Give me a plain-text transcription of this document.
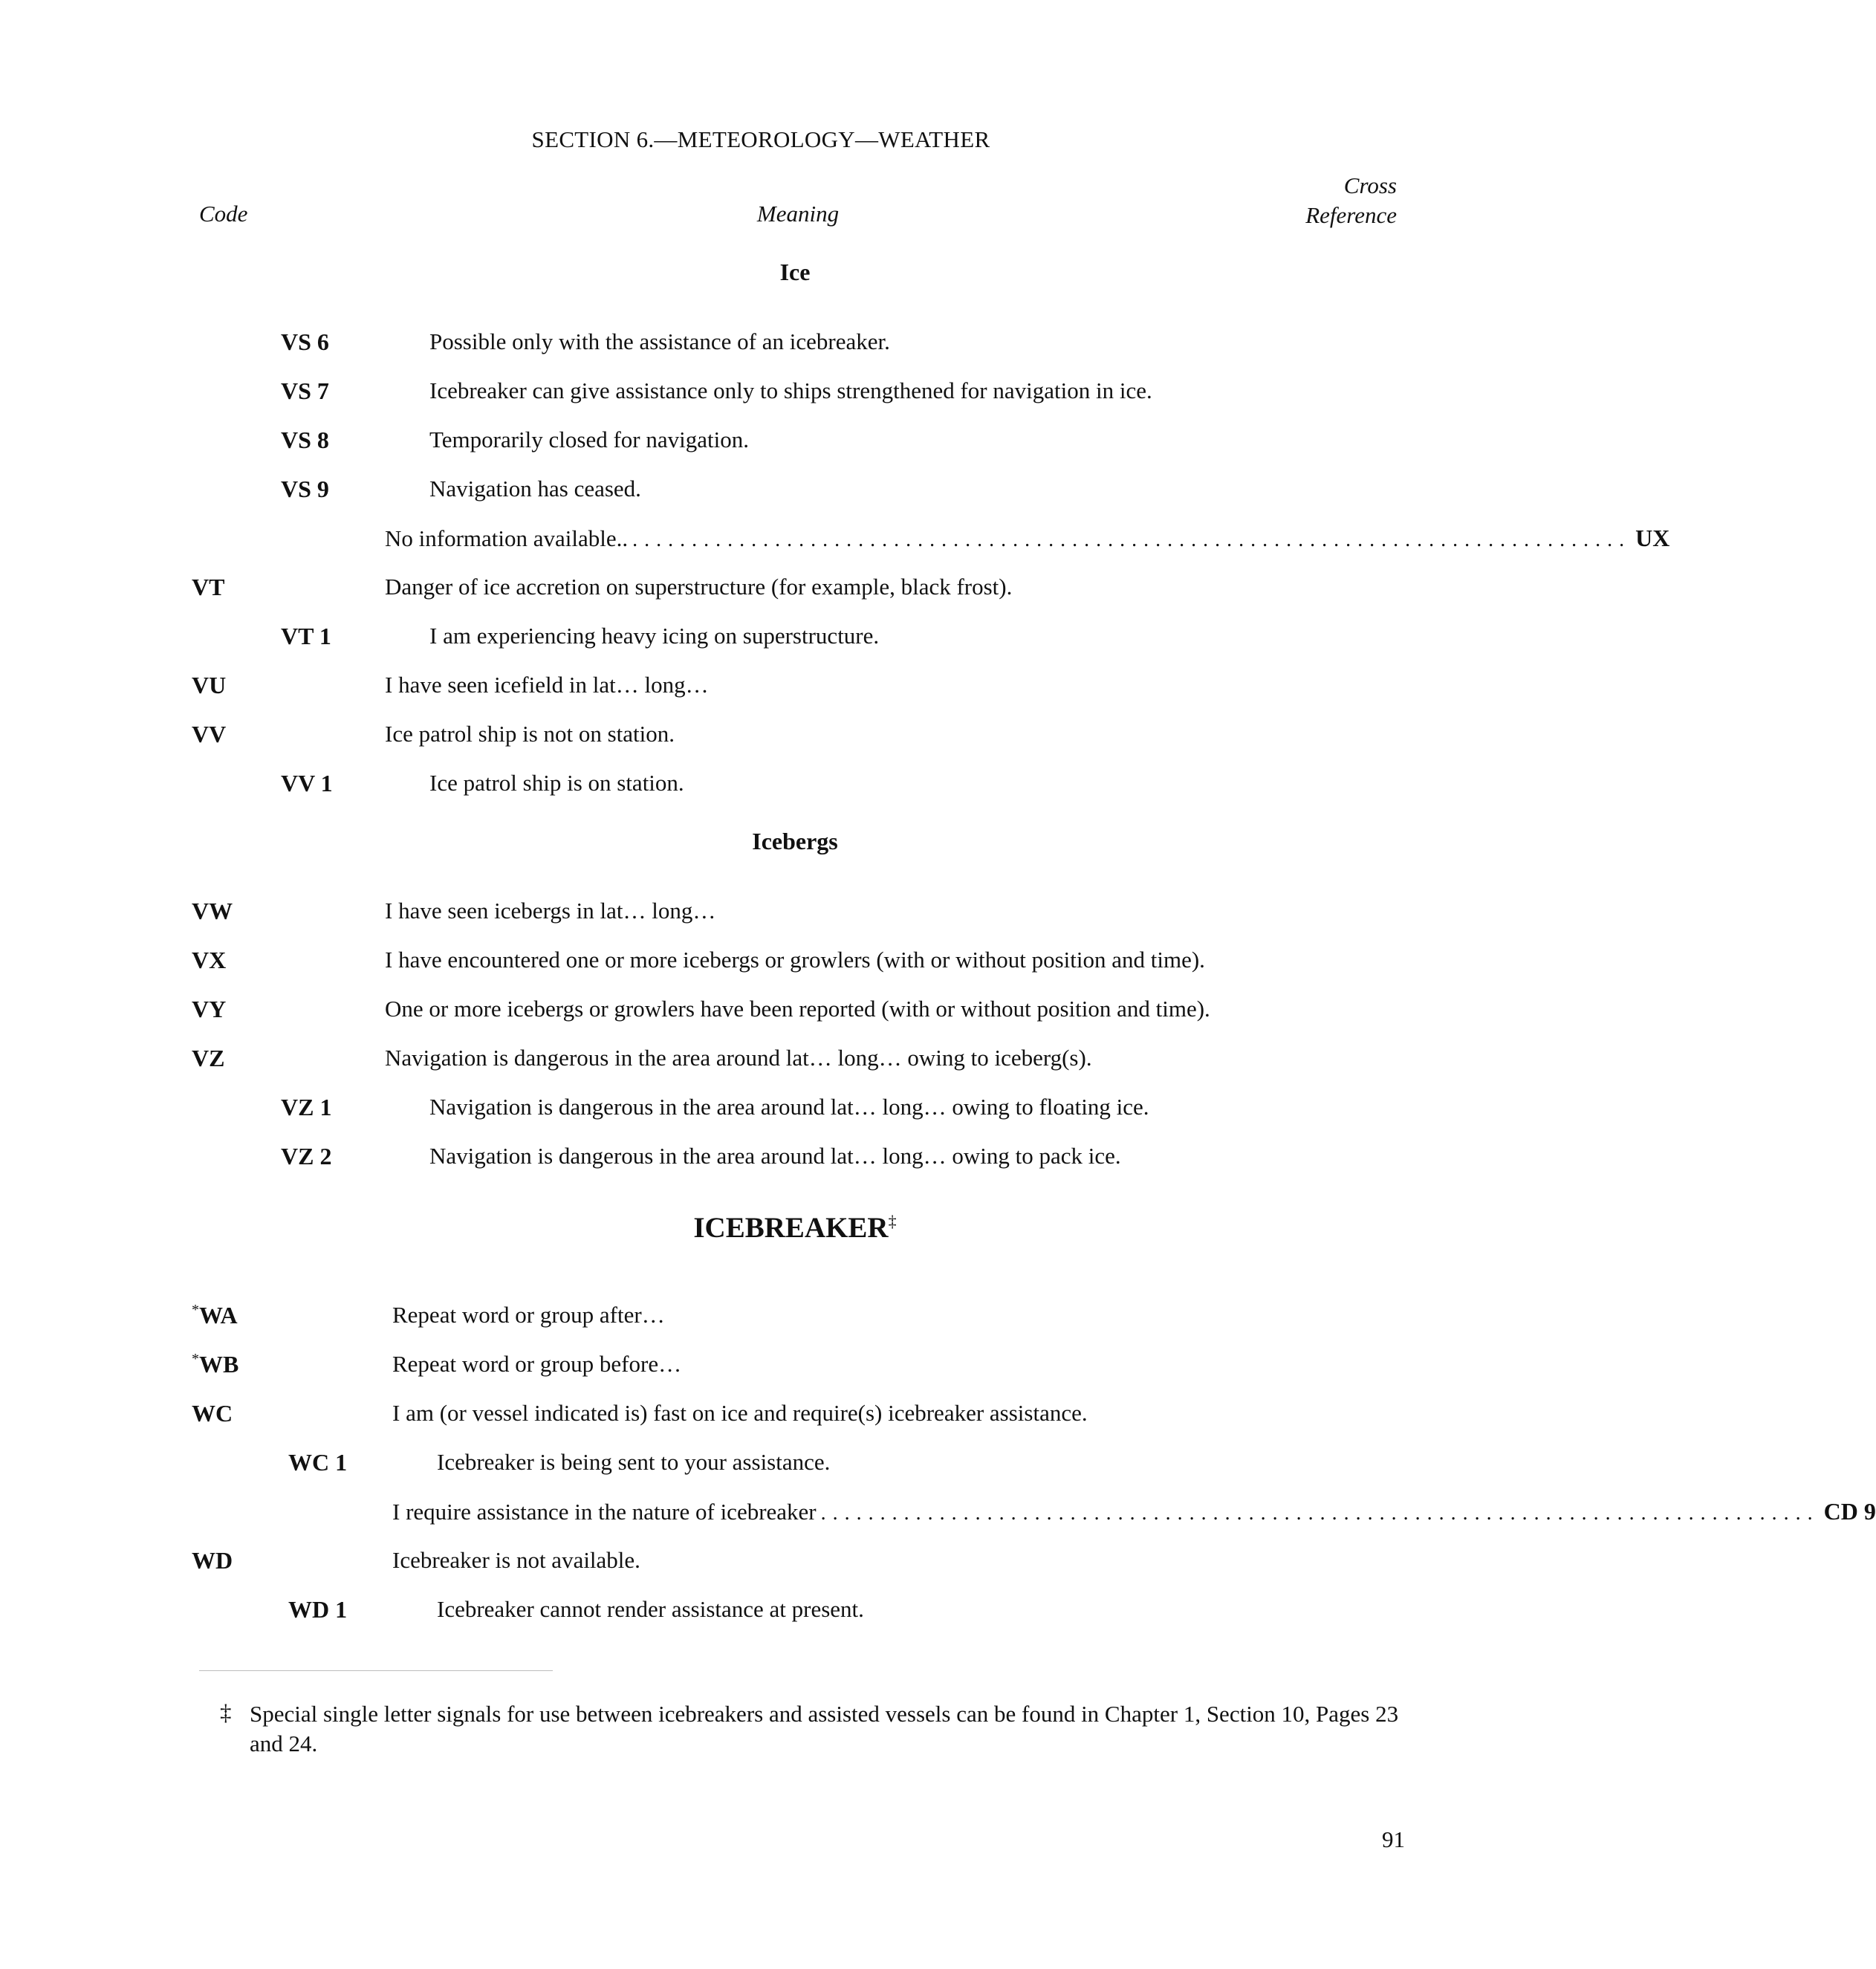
SECTION 6.—METEOROLOGY—WEATHER
Code	Meaning
Cross
Reference
Ice
VS 6	Possible only with the assistance of an icebreaker.
VS 7	Icebreaker can give assistance only to ships strengthened for navigation in ice.
VS 8	Temporarily closed for navigation.
VS 9	Navigation has ceased.
No information available.. .................................................................................... UX
VT	Danger of ice accretion on superstructure (for example, black frost).
VT 1	I am experiencing heavy icing on superstructure.
VU	I have seen icefield in lat… long…
VV	Ice patrol ship is not on station.
VV 1	Ice patrol ship is on station.
Icebergs
VW	I have seen icebergs in lat… long…
VX	I have encountered one or more icebergs or growlers (with or without position and time).
VY	One or more icebergs or growlers have been reported (with or without position and time).
VZ	Navigation is dangerous in the area around lat… long… owing to iceberg(s).
VZ 1	Navigation is dangerous in the area around lat… long… owing to floating ice.
VZ 2	Navigation is dangerous in the area around lat… long… owing to pack ice.
ICEBREAKER‡
*WA	Repeat word or group after…
*WB	Repeat word or group before…
WC	I am (or vessel indicated is) fast on ice and require(s) icebreaker assistance.
WC 1	Icebreaker is being sent to your assistance.
I require assistance in the nature of icebreaker .................................................................................... CD 9
WD	Icebreaker is not available.
WD 1	Icebreaker cannot render assistance at present.
‡ Special single letter signals for use between icebreakers and assisted vessels can be found in Chapter 1, Section 10, Pages 23 and 24.
91
